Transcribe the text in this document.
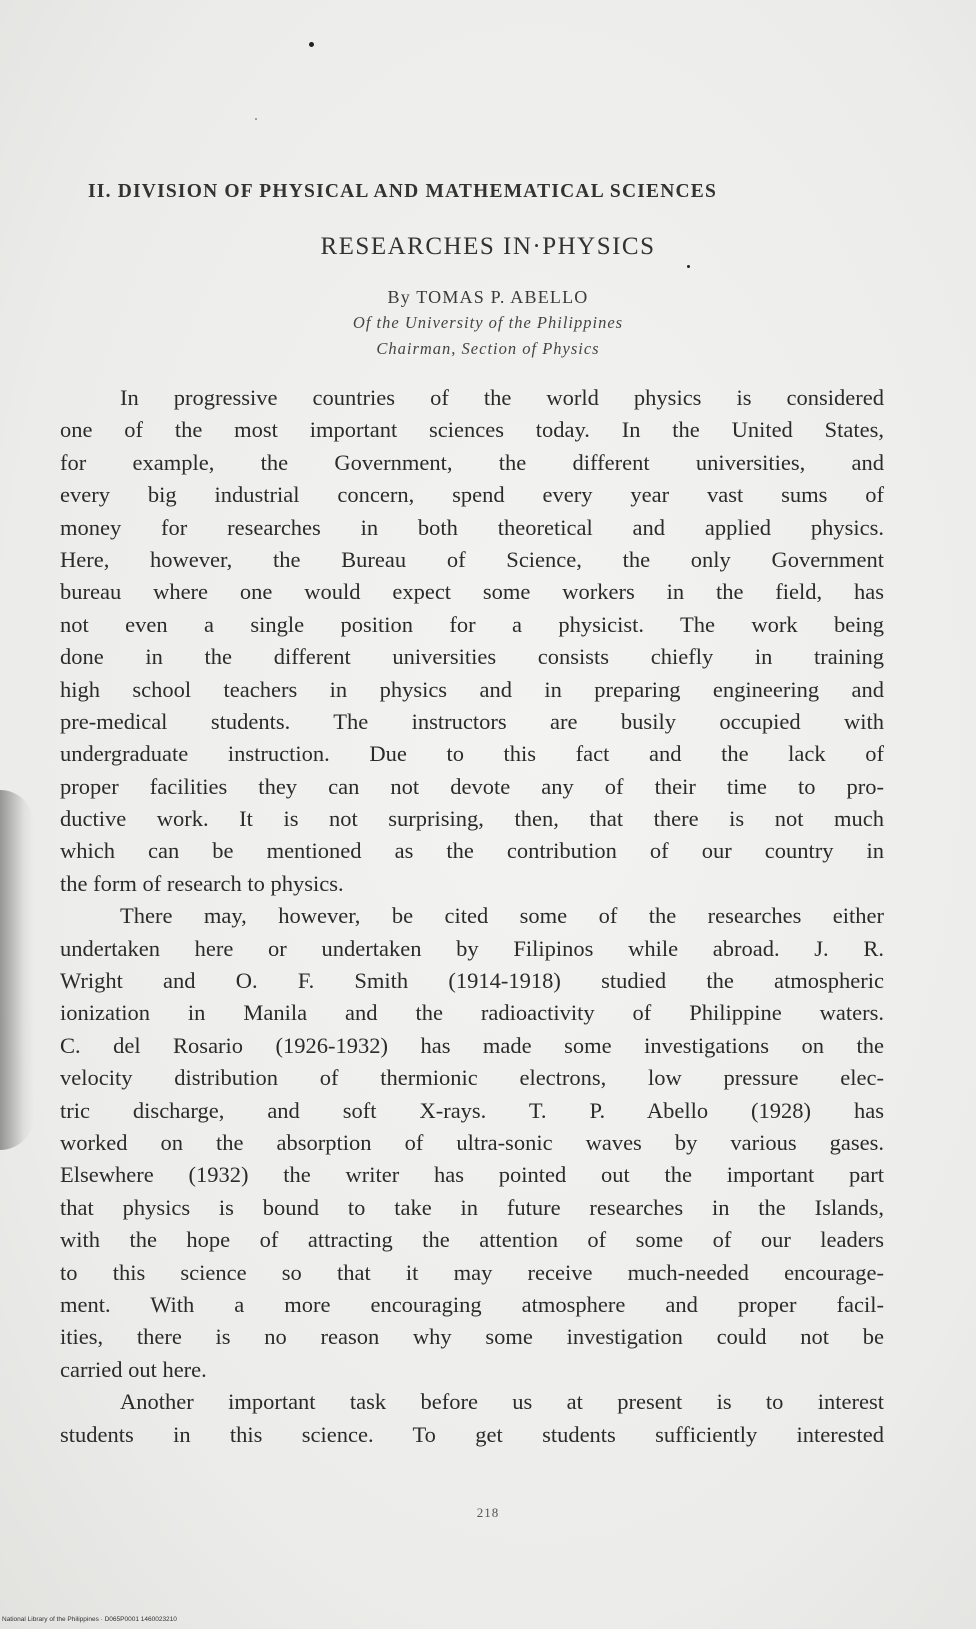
II. DIVISION OF PHYSICAL AND MATHEMATICAL SCIENCES
RESEARCHES IN·PHYSICS
By TOMAS P. ABELLO
Of the University of the Philippines
Chairman, Section of Physics
In progressive countries of the world physics is considered
one of the most important sciences today. In the United States,
for example, the Government, the different universities, and
every big industrial concern, spend every year vast sums of
money for researches in both theoretical and applied physics.
Here, however, the Bureau of Science, the only Government
bureau where one would expect some workers in the field, has
not even a single position for a physicist. The work being
done in the different universities consists chiefly in training
high school teachers in physics and in preparing engineering and
pre-medical students. The instructors are busily occupied with
undergraduate instruction. Due to this fact and the lack of
proper facilities they can not devote any of their time to pro-
ductive work. It is not surprising, then, that there is not much
which can be mentioned as the contribution of our country in
the form of research to physics.
There may, however, be cited some of the researches either
undertaken here or undertaken by Filipinos while abroad. J. R.
Wright and O. F. Smith (1914-1918) studied the atmospheric
ionization in Manila and the radioactivity of Philippine waters.
C. del Rosario (1926-1932) has made some investigations on the
velocity distribution of thermionic electrons, low pressure elec-
tric discharge, and soft X-rays. T. P. Abello (1928) has
worked on the absorption of ultra-sonic waves by various gases.
Elsewhere (1932) the writer has pointed out the important part
that physics is bound to take in future researches in the Islands,
with the hope of attracting the attention of some of our leaders
to this science so that it may receive much-needed encourage-
ment. With a more encouraging atmosphere and proper facil-
ities, there is no reason why some investigation could not be
carried out here.
Another important task before us at present is to interest
students in this science. To get students sufficiently interested
218
National Library of the Philippines · D065P0001 1460023210
